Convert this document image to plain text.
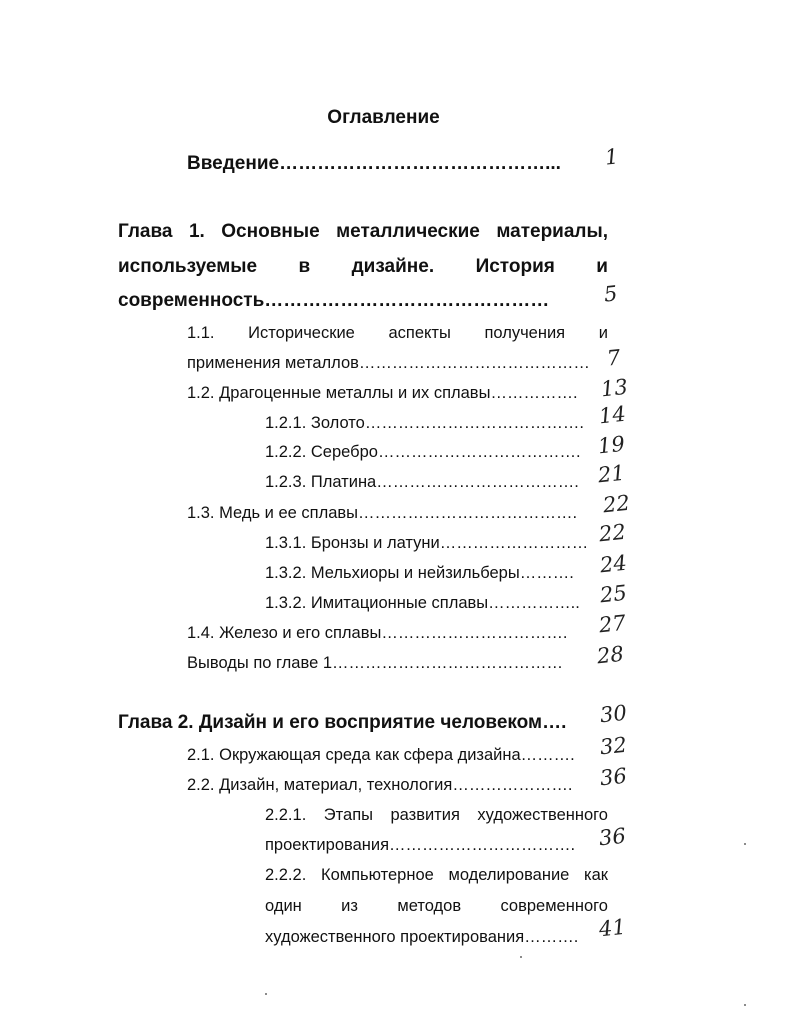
Оглавление
Введение……………………………………...	1
Глава 1. Основные металлические материалы,
используемые в дизайне. История и
современность………………………………………	5
1.1. Исторические аспекты получения и
применения металлов…………………………………… 7
1.2. Драгоценные металлы и их сплавы…………….	13
1.2.1. Золото…………………………………. 14
1.2.2. Серебро………………………………. 19
1.2.3. Платина………………………………. 21
1.3. Медь и ее сплавы………………………………….	22
1.3.1. Бронзы и латуни……………………… 22
1.3.2. Мельхиоры и нейзильберы……….	24
1.3.2. Имитационные сплавы…………….. 25
1.4. Железо и его сплавы…………………………….	27
Выводы по главе 1……………………………………	28
Глава 2. Дизайн и его восприятие человеком….	30
2.1. Окружающая среда как сфера дизайна……….	32
2.2. Дизайн, материал, технология………………….	36
2.2.1. Этапы развития художественного
проектирования…………………………….	36
2.2.2. Компьютерное моделирование как
один из методов современного
художественного проектирования………. 41
